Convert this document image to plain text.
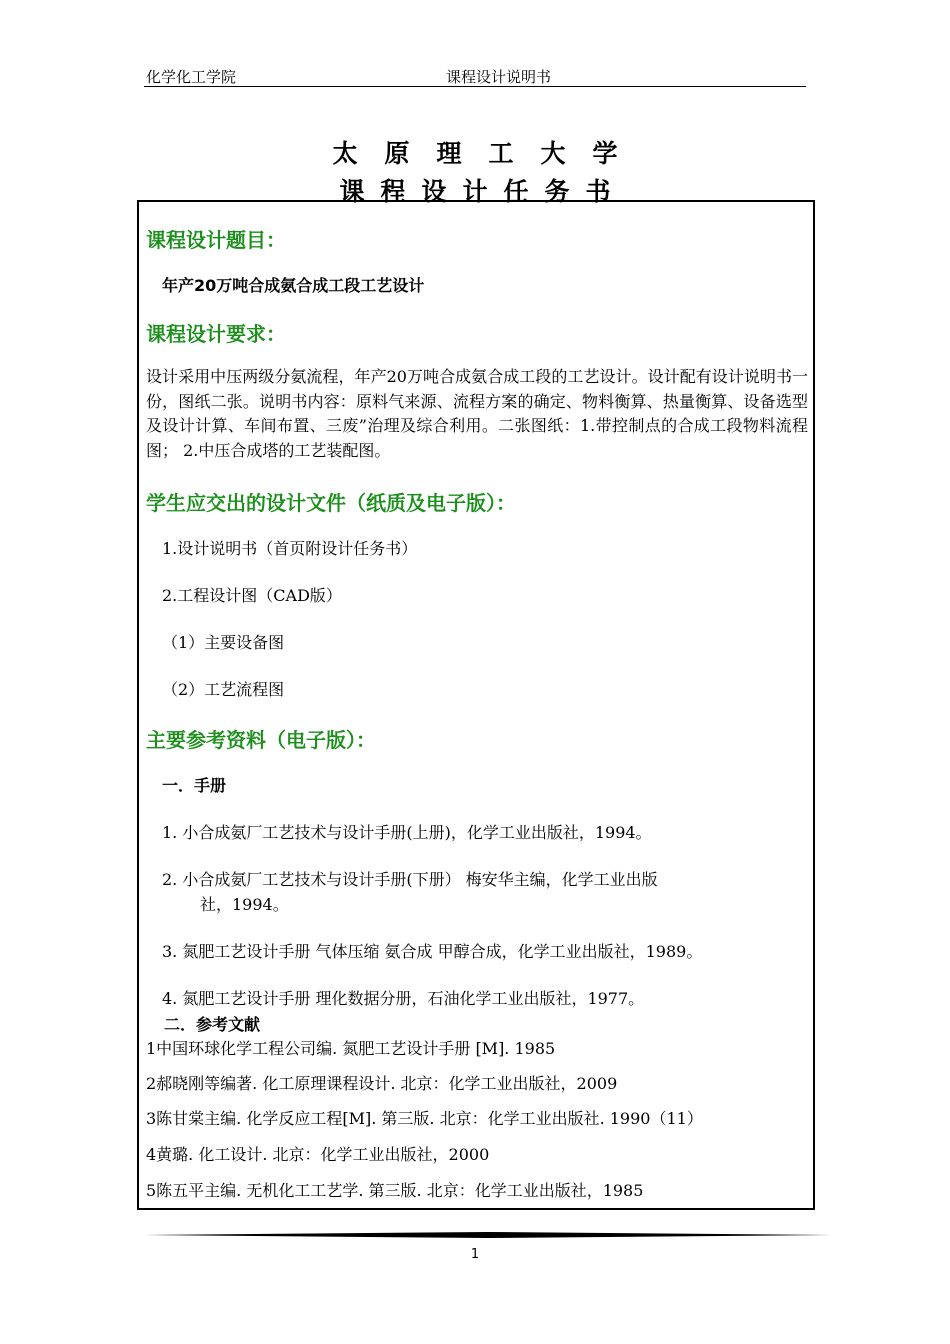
化学化工学院	课程设计说明书
太原理工大学
课程设计任务书
课程设计题目：
年产20万吨合成氨合成工段工艺设计
课程设计要求：
设计采用中压两级分氨流程，年产20万吨合成氨合成工段的工艺设计。设计配有设计说明书一份，图纸二张。说明书内容：原料气来源、流程方案的确定、物料衡算、热量衡算、设备选型及设计计算、车间布置、三废”治理及综合利用。二张图纸：1.带控制点的合成工段物料流程图； 2.中压合成塔的工艺装配图。
学生应交出的设计文件（纸质及电子版）：
1.设计说明书（首页附设计任务书）
2.工程设计图（CAD版）
（1）主要设备图
（2）工艺流程图
主要参考资料（电子版）：
一．手册
1. 小合成氨厂工艺技术与设计手册(上册)，化学工业出版社，1994。
2. 小合成氨厂工艺技术与设计手册(下册） 梅安华主编，化学工业出版
社，1994。
3. 氮肥工艺设计手册 气体压缩 氨合成 甲醇合成，化学工业出版社，1989。
4. 氮肥工艺设计手册 理化数据分册，石油化学工业出版社，1977。
二．参考文献
1中国环球化学工程公司编. 氮肥工艺设计手册 [M]. 1985
2郝晓刚等编著. 化工原理课程设计. 北京：化学工业出版社，2009
3陈甘棠主编. 化学反应工程[M]. 第三版. 北京：化学工业出版社. 1990（11）
4黄璐. 化工设计. 北京：化学工业出版社，2000
5陈五平主编. 无机化工工艺学. 第三版. 北京：化学工业出版社，1985
1
